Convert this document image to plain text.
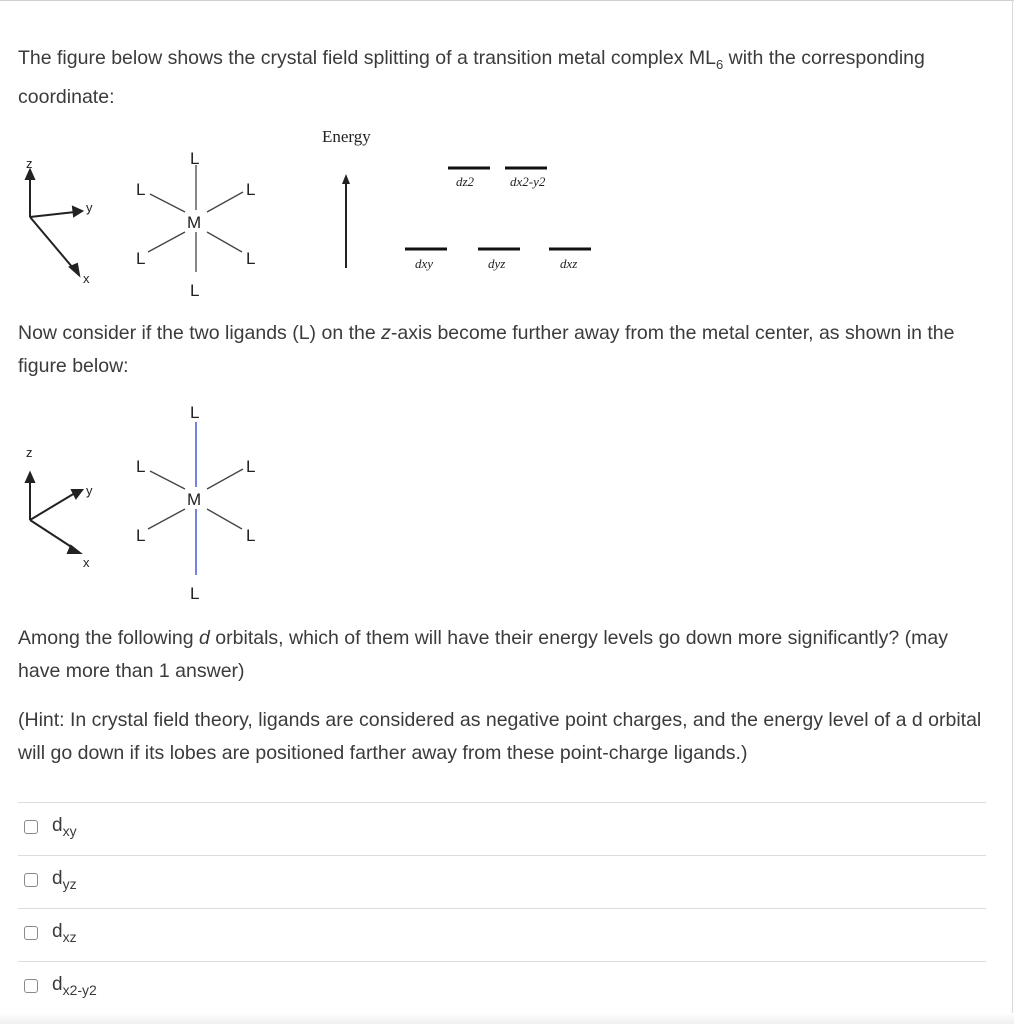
The figure below shows the crystal field splitting of a transition metal complex $ML_6$ with the corresponding coordinate:
z
y
x
M
L
L
L	L
L	L
Energy
dz2	dx2-y2
dxy	dyz	dxz
Now consider if the two ligands (L) on the z-axis become further away from the metal center, as shown in the figure below:
z
y
x
M
L
L
L	L
L	L
Among the following d orbitals, which of them will have their energy levels go down more significantly? (may have more than 1 answer)
(Hint: In crystal field theory, ligands are considered as negative point charges, and the energy level of a d orbital will go down if its lobes are positioned farther away from these point-charge ligands.)
$d_{xy}$
$d_{yz}$
$d_{xz}$
$d_{x2-y2}$
